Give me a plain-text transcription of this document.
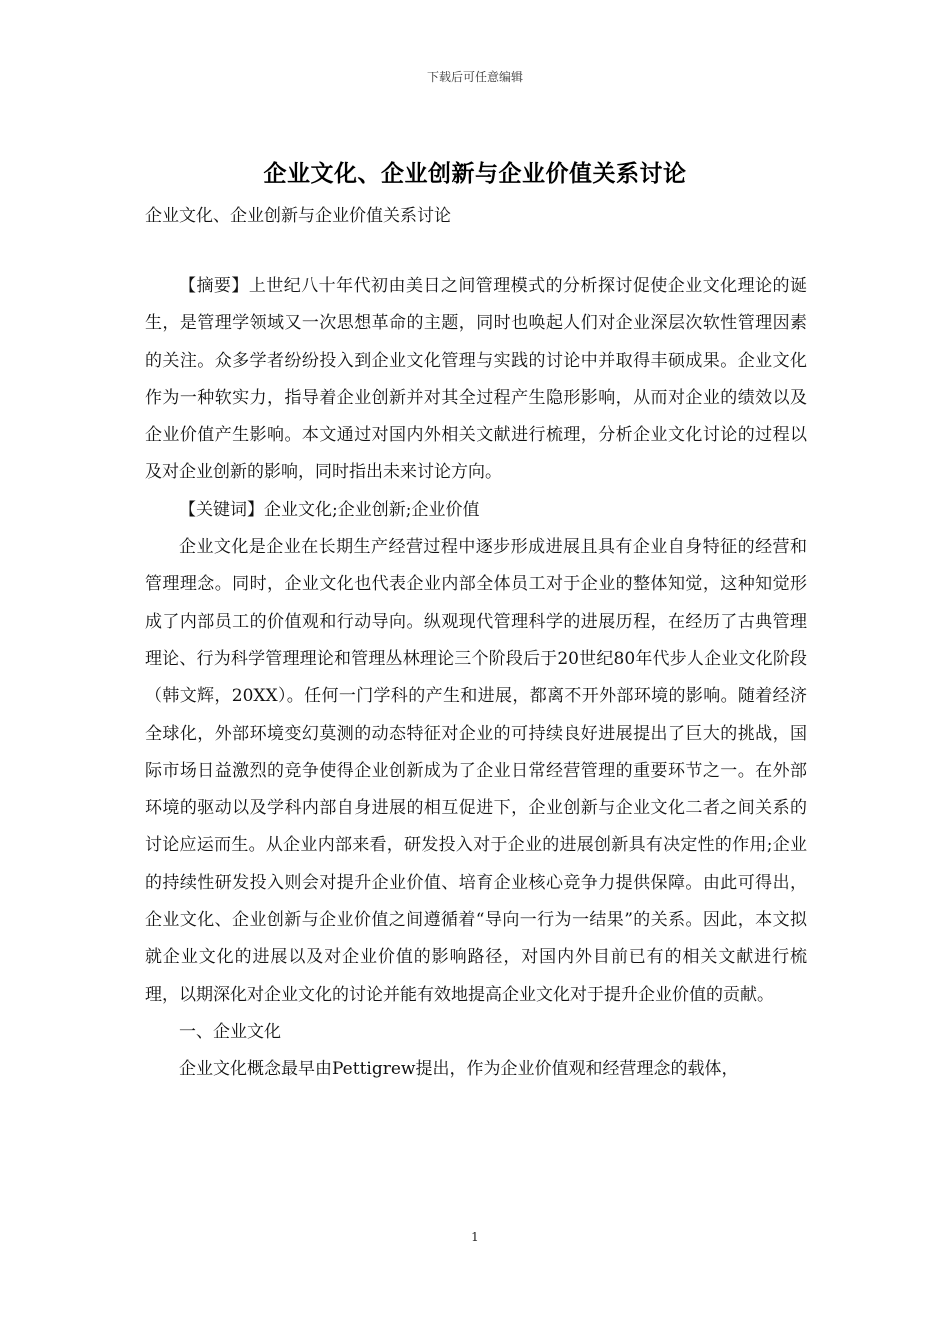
下载后可任意编辑
企业文化、企业创新与企业价值关系讨论
企业文化、企业创新与企业价值关系讨论

【摘要】上世纪八十年代初由美日之间管理模式的分析探讨促使企业文化理论的诞生，是管理学领域又一次思想革命的主题，同时也唤起人们对企业深层次软性管理因素的关注。众多学者纷纷投入到企业文化管理与实践的讨论中并取得丰硕成果。企业文化作为一种软实力，指导着企业创新并对其全过程产生隐形影响，从而对企业的绩效以及企业价值产生影响。本文通过对国内外相关文献进行梳理，分析企业文化讨论的过程以及对企业创新的影响，同时指出未来讨论方向。

【关键词】企业文化;企业创新;企业价值

企业文化是企业在长期生产经营过程中逐步形成进展且具有企业自身特征的经营和管理理念。同时，企业文化也代表企业内部全体员工对于企业的整体知觉，这种知觉形成了内部员工的价值观和行动导向。纵观现代管理科学的进展历程，在经历了古典管理理论、行为科学管理理论和管理丛林理论三个阶段后于20世纪80年代步人企业文化阶段（韩文辉，20XX）。任何一门学科的产生和进展，都离不开外部环境的影响。随着经济全球化，外部环境变幻莫测的动态特征对企业的可持续良好进展提出了巨大的挑战，国际市场日益激烈的竞争使得企业创新成为了企业日常经营管理的重要环节之一。在外部环境的驱动以及学科内部自身进展的相互促进下，企业创新与企业文化二者之间关系的讨论应运而生。从企业内部来看，研发投入对于企业的进展创新具有决定性的作用;企业的持续性研发投入则会对提升企业价值、培育企业核心竞争力提供保障。由此可得出，企业文化、企业创新与企业价值之间遵循着“导向一行为一结果”的关系。因此，本文拟就企业文化的进展以及对企业价值的影响路径，对国内外目前已有的相关文献进行梳理，以期深化对企业文化的讨论并能有效地提高企业文化对于提升企业价值的贡献。

一、企业文化

企业文化概念最早由Pettigrew提出，作为企业价值观和经营理念的载体，

1
